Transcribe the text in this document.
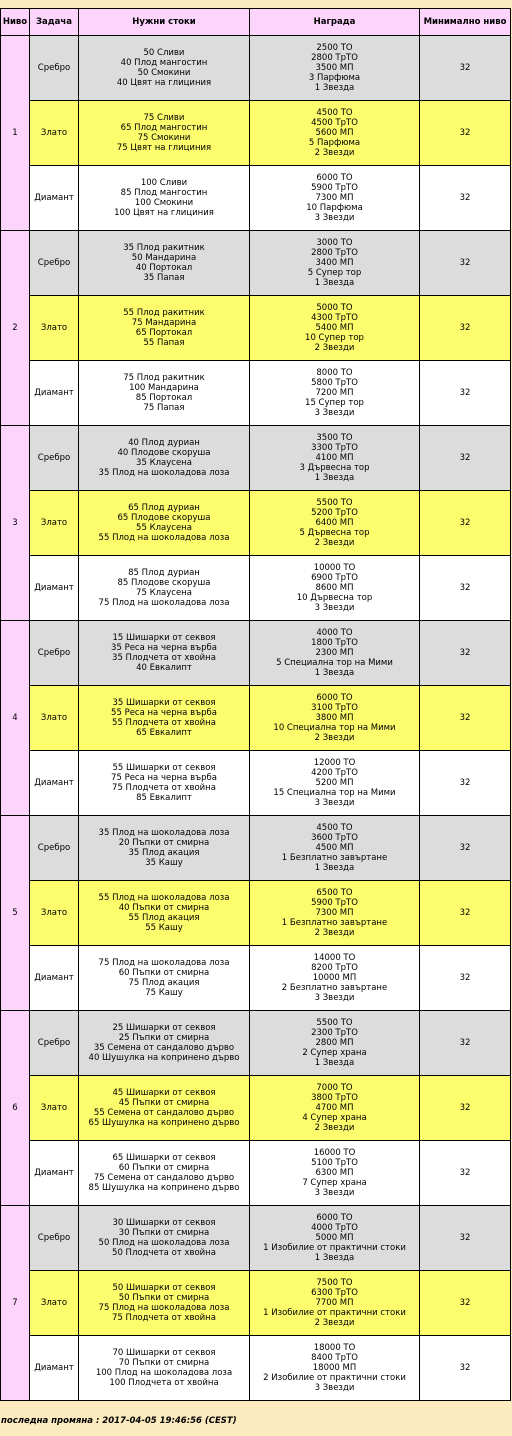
Ниво	Задача	Нужни стоки	Награда	Минимално ниво
1	Сребро	50 Сливи
40 Плод мангостин
50 Смокини
40 Цвят на глициния	2500 TO
2800 TpTO
3500 МП
3 Парфюма
1 Звезда	32
	Злато	75 Сливи
65 Плод мангостин
75 Смокини
75 Цвят на глициния	4500 TO
4500 TpTO
5600 МП
5 Парфюма
2 Звезди	32
	Диамант	100 Сливи
85 Плод мангостин
100 Смокини
100 Цвят на глициния	6000 TO
5900 TpTO
7300 МП
10 Парфюма
3 Звезди	32
2	Сребро	35 Плод ракитник
50 Мандарина
40 Портокал
35 Папая	3000 TO
2800 TpTO
3400 МП
5 Супер тор
1 Звезда	32
	Злато	55 Плод ракитник
75 Мандарина
65 Портокал
55 Папая	5000 TO
4300 TpTO
5400 МП
10 Супер тор
2 Звезди	32
	Диамант	75 Плод ракитник
100 Мандарина
85 Портокал
75 Папая	8000 TO
5800 TpTO
7200 МП
15 Супер тор
3 Звезди	32
3	Сребро	40 Плод дуриан
40 Плодове скоруша
35 Клаусена
35 Плод на шоколадова лоза	3500 TO
3300 TpTO
4100 МП
3 Дървесна тор
1 Звезда	32
	Злато	65 Плод дуриан
65 Плодове скоруша
55 Клаусена
55 Плод на шоколадова лоза	5500 TO
5200 TpTO
6400 МП
5 Дървесна тор
2 Звезди	32
	Диамант	85 Плод дуриан
85 Плодове скоруша
75 Клаусена
75 Плод на шоколадова лоза	10000 TO
6900 TpTO
8600 МП
10 Дървесна тор
3 Звезди	32
4	Сребро	15 Шишарки от секвоя
35 Реса на черна върба
35 Плодчета от хвойна
40 Евкалипт	4000 TO
1800 TpTO
2300 МП
5 Специална тор на Мими
1 Звезда	32
	Злато	35 Шишарки от секвоя
55 Реса на черна върба
55 Плодчета от хвойна
65 Евкалипт	6000 TO
3100 TpTO
3800 МП
10 Специална тор на Мими
2 Звезди	32
	Диамант	55 Шишарки от секвоя
75 Реса на черна върба
75 Плодчета от хвойна
85 Евкалипт	12000 TO
4200 TpTO
5200 МП
15 Специална тор на Мими
3 Звезди	32
5	Сребро	35 Плод на шоколадова лоза
20 Пъпки от смирна
35 Плод акация
35 Кашу	4500 TO
3600 TpTO
4500 МП
1 Безплатно завъртане
1 Звезда	32
	Злато	55 Плод на шоколадова лоза
40 Пъпки от смирна
55 Плод акация
55 Кашу	6500 TO
5900 TpTO
7300 МП
1 Безплатно завъртане
2 Звезди	32
	Диамант	75 Плод на шоколадова лоза
60 Пъпки от смирна
75 Плод акация
75 Кашу	14000 TO
8200 TpTO
10000 МП
2 Безплатно завъртане
3 Звезди	32
6	Сребро	25 Шишарки от секвоя
25 Пъпки от смирна
35 Семена от сандалово дърво
40 Шушулка на копринено дърво	5500 TO
2300 TpTO
2800 МП
2 Супер храна
1 Звезда	32
	Злато	45 Шишарки от секвоя
45 Пъпки от смирна
55 Семена от сандалово дърво
65 Шушулка на копринено дърво	7000 TO
3800 TpTO
4700 МП
4 Супер храна
2 Звезди	32
	Диамант	65 Шишарки от секвоя
60 Пъпки от смирна
75 Семена от сандалово дърво
85 Шушулка на копринено дърво	16000 TO
5100 TpTO
6300 МП
7 Супер храна
3 Звезди	32
7	Сребро	30 Шишарки от секвоя
30 Пъпки от смирна
50 Плод на шоколадова лоза
50 Плодчета от хвойна	6000 TO
4000 TpTO
5000 МП
1 Изобилие от практични стоки
1 Звезда	32
	Злато	50 Шишарки от секвоя
50 Пъпки от смирна
75 Плод на шоколадова лоза
75 Плодчета от хвойна	7500 TO
6300 TpTO
7700 МП
1 Изобилие от практични стоки
2 Звезди	32
	Диамант	70 Шишарки от секвоя
70 Пъпки от смирна
100 Плод на шоколадова лоза
100 Плодчета от хвойна	18000 TO
8400 TpTO
18000 МП
2 Изобилие от практични стоки
3 Звезди	32
последна промяна : 2017-04-05 19:46:56 (CEST)
